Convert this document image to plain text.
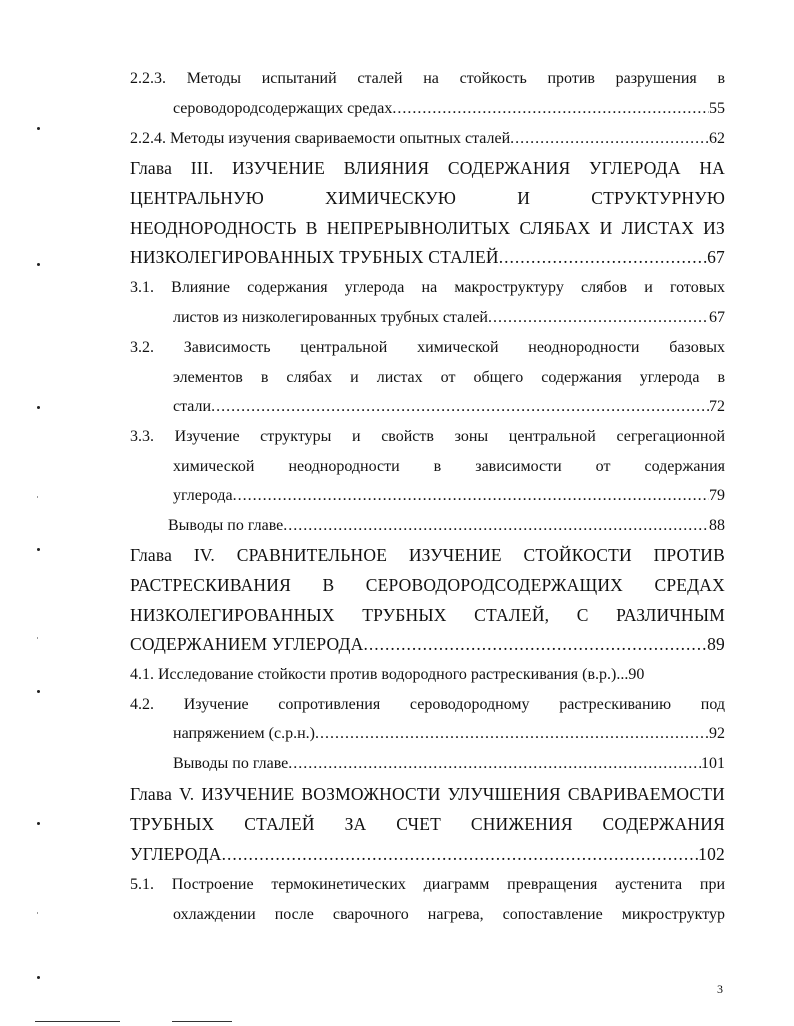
2.2.3. Методы испытаний сталей на стойкость против разрушения в
сероводородсодержащих средах .....	55
2.2.4. Методы изучения свариваемости опытных сталей .....	62
Глава III. ИЗУЧЕНИЕ ВЛИЯНИЯ СОДЕРЖАНИЯ УГЛЕРОДА НА
ЦЕНТРАЛЬНУЮ ХИМИЧЕСКУЮ И СТРУКТУРНУЮ
НЕОДНОРОДНОСТЬ В НЕПРЕРЫВНОЛИТЫХ СЛЯБАХ И ЛИСТАХ ИЗ
НИЗКОЛЕГИРОВАННЫХ ТРУБНЫХ СТАЛЕЙ .....	67
3.1. Влияние содержания углерода на макроструктуру слябов и готовых
листов из низколегированных трубных сталей .....	67
3.2. Зависимость центральной химической неоднородности базовых
элементов в слябах и листах от общего содержания углерода в
стали .....	72
3.3. Изучение структуры и свойств зоны центральной сегрегационной
химической неоднородности в зависимости от содержания
углерода .....	79
Выводы по главе .....	88
Глава IV. СРАВНИТЕЛЬНОЕ ИЗУЧЕНИЕ СТОЙКОСТИ ПРОТИВ
РАСТРЕСКИВАНИЯ В СЕРОВОДОРОДСОДЕРЖАЩИХ СРЕДАХ
НИЗКОЛЕГИРОВАННЫХ ТРУБНЫХ СТАЛЕЙ, С РАЗЛИЧНЫМ
СОДЕРЖАНИЕМ УГЛЕРОДА .....	89
4.1. Исследование стойкости против водородного растрескивания (в.р.)...90
4.2. Изучение сопротивления сероводородному растрескиванию под
напряжением (с.р.н.) .....	92
Выводы по главе .....	101
Глава V. ИЗУЧЕНИЕ ВОЗМОЖНОСТИ УЛУЧШЕНИЯ СВАРИВАЕМОСТИ
ТРУБНЫХ СТАЛЕЙ ЗА СЧЕТ СНИЖЕНИЯ СОДЕРЖАНИЯ
УГЛЕРОДА .....	102
5.1. Построение термокинетических диаграмм превращения аустенита при
охлаждении после сварочного нагрева, сопоставление микроструктур
3
